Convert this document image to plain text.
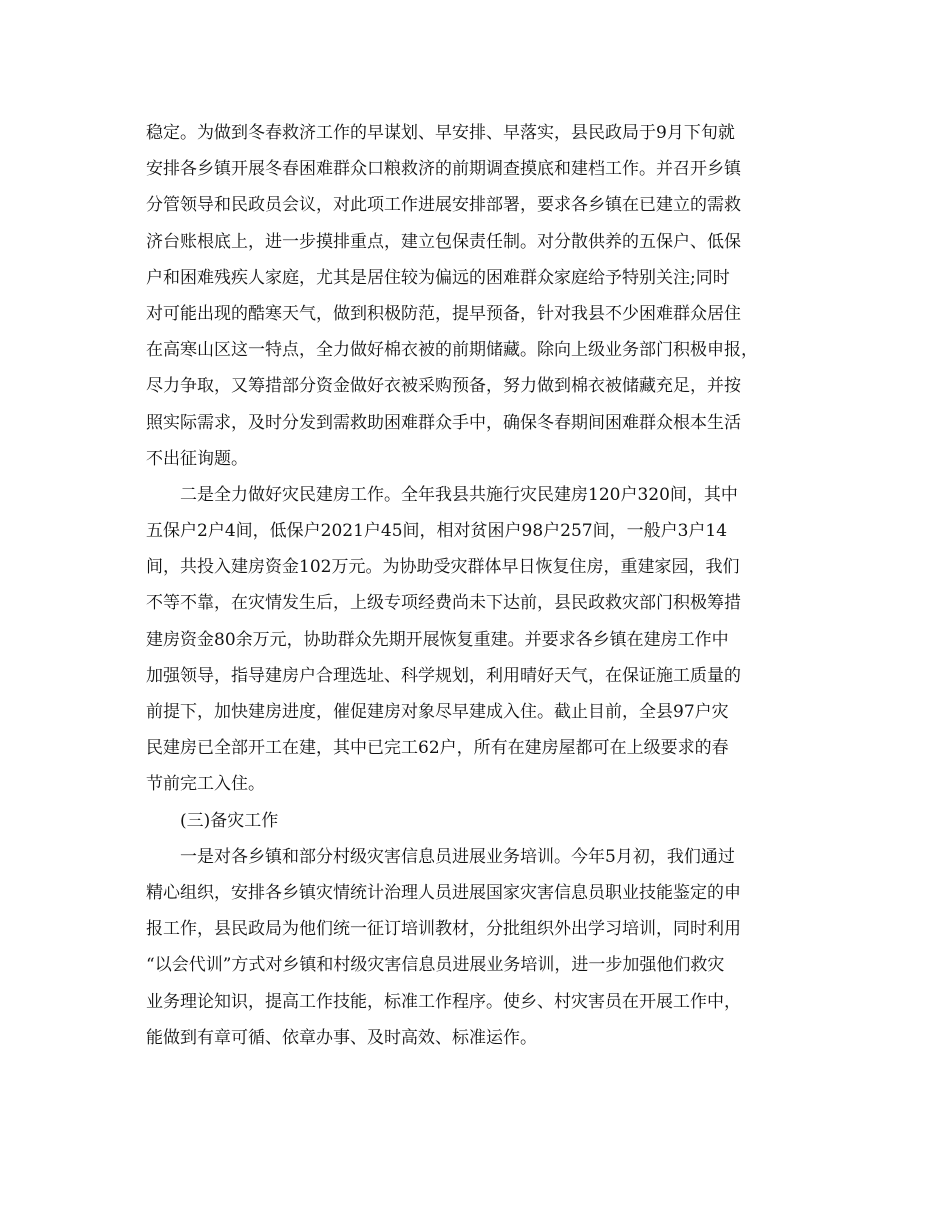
稳定。为做到冬春救济工作的早谋划、早安排、早落实，县民政局于9月下旬就
安排各乡镇开展冬春困难群众口粮救济的前期调查摸底和建档工作。并召开乡镇
分管领导和民政员会议，对此项工作进展安排部署，要求各乡镇在已建立的需救
济台账根底上，进一步摸排重点，建立包保责任制。对分散供养的五保户、低保
户和困难残疾人家庭，尤其是居住较为偏远的困难群众家庭给予特别关注;同时
对可能出现的酷寒天气，做到积极防范，提早预备，针对我县不少困难群众居住
在高寒山区这一特点，全力做好棉衣被的前期储藏。除向上级业务部门积极申报，
尽力争取，又筹措部分资金做好衣被采购预备，努力做到棉衣被储藏充足，并按
照实际需求，及时分发到需救助困难群众手中，确保冬春期间困难群众根本生活
不出征询题。
二是全力做好灾民建房工作。全年我县共施行灾民建房120户320间，其中
五保户2户4间，低保户2021户45间，相对贫困户98户257间，一般户3户14
间，共投入建房资金102万元。为协助受灾群体早日恢复住房，重建家园，我们
不等不靠，在灾情发生后，上级专项经费尚未下达前，县民政救灾部门积极筹措
建房资金80余万元，协助群众先期开展恢复重建。并要求各乡镇在建房工作中
加强领导，指导建房户合理选址、科学规划，利用晴好天气，在保证施工质量的
前提下，加快建房进度，催促建房对象尽早建成入住。截止目前，全县97户灾
民建房已全部开工在建，其中已完工62户，所有在建房屋都可在上级要求的春
节前完工入住。
(三)备灾工作
一是对各乡镇和部分村级灾害信息员进展业务培训。今年5月初，我们通过
精心组织，安排各乡镇灾情统计治理人员进展国家灾害信息员职业技能鉴定的申
报工作，县民政局为他们统一征订培训教材，分批组织外出学习培训，同时利用
“以会代训”方式对乡镇和村级灾害信息员进展业务培训，进一步加强他们救灾
业务理论知识，提高工作技能，标准工作程序。使乡、村灾害员在开展工作中，
能做到有章可循、依章办事、及时高效、标准运作。
